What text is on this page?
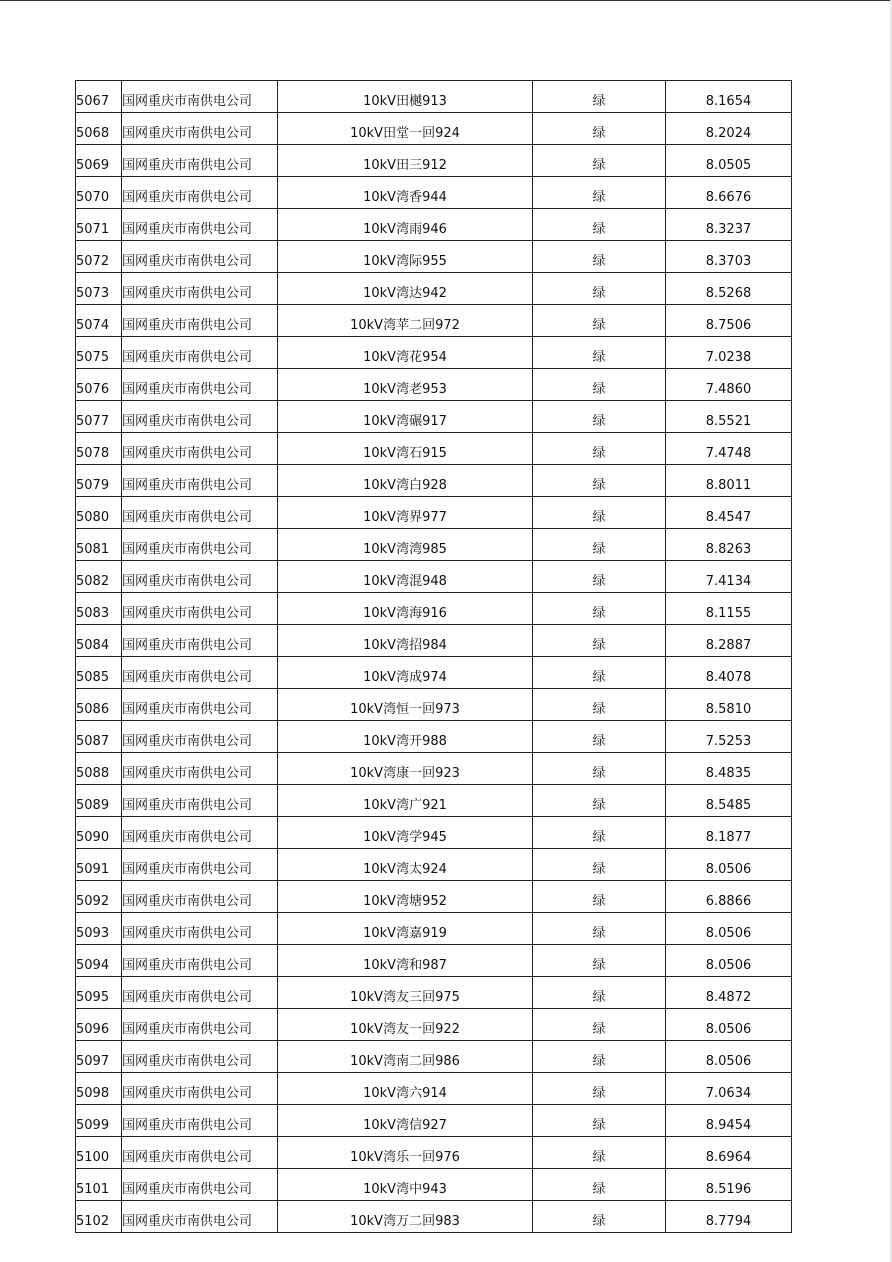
5067	国网重庆市南供电公司	10kV田樾913	绿	8.1654
5068	国网重庆市南供电公司	10kV田堂一回924	绿	8.2024
5069	国网重庆市南供电公司	10kV田三912	绿	8.0505
5070	国网重庆市南供电公司	10kV湾香944	绿	8.6676
5071	国网重庆市南供电公司	10kV湾雨946	绿	8.3237
5072	国网重庆市南供电公司	10kV湾际955	绿	8.3703
5073	国网重庆市南供电公司	10kV湾达942	绿	8.5268
5074	国网重庆市南供电公司	10kV湾苹二回972	绿	8.7506
5075	国网重庆市南供电公司	10kV湾花954	绿	7.0238
5076	国网重庆市南供电公司	10kV湾老953	绿	7.4860
5077	国网重庆市南供电公司	10kV湾碾917	绿	8.5521
5078	国网重庆市南供电公司	10kV湾石915	绿	7.4748
5079	国网重庆市南供电公司	10kV湾白928	绿	8.8011
5080	国网重庆市南供电公司	10kV湾界977	绿	8.4547
5081	国网重庆市南供电公司	10kV湾湾985	绿	8.8263
5082	国网重庆市南供电公司	10kV湾混948	绿	7.4134
5083	国网重庆市南供电公司	10kV湾海916	绿	8.1155
5084	国网重庆市南供电公司	10kV湾招984	绿	8.2887
5085	国网重庆市南供电公司	10kV湾成974	绿	8.4078
5086	国网重庆市南供电公司	10kV湾恒一回973	绿	8.5810
5087	国网重庆市南供电公司	10kV湾开988	绿	7.5253
5088	国网重庆市南供电公司	10kV湾康一回923	绿	8.4835
5089	国网重庆市南供电公司	10kV湾广921	绿	8.5485
5090	国网重庆市南供电公司	10kV湾学945	绿	8.1877
5091	国网重庆市南供电公司	10kV湾太924	绿	8.0506
5092	国网重庆市南供电公司	10kV湾塘952	绿	6.8866
5093	国网重庆市南供电公司	10kV湾嘉919	绿	8.0506
5094	国网重庆市南供电公司	10kV湾和987	绿	8.0506
5095	国网重庆市南供电公司	10kV湾友三回975	绿	8.4872
5096	国网重庆市南供电公司	10kV湾友一回922	绿	8.0506
5097	国网重庆市南供电公司	10kV湾南二回986	绿	8.0506
5098	国网重庆市南供电公司	10kV湾六914	绿	7.0634
5099	国网重庆市南供电公司	10kV湾信927	绿	8.9454
5100	国网重庆市南供电公司	10kV湾乐一回976	绿	8.6964
5101	国网重庆市南供电公司	10kV湾中943	绿	8.5196
5102	国网重庆市南供电公司	10kV湾万二回983	绿	8.7794
